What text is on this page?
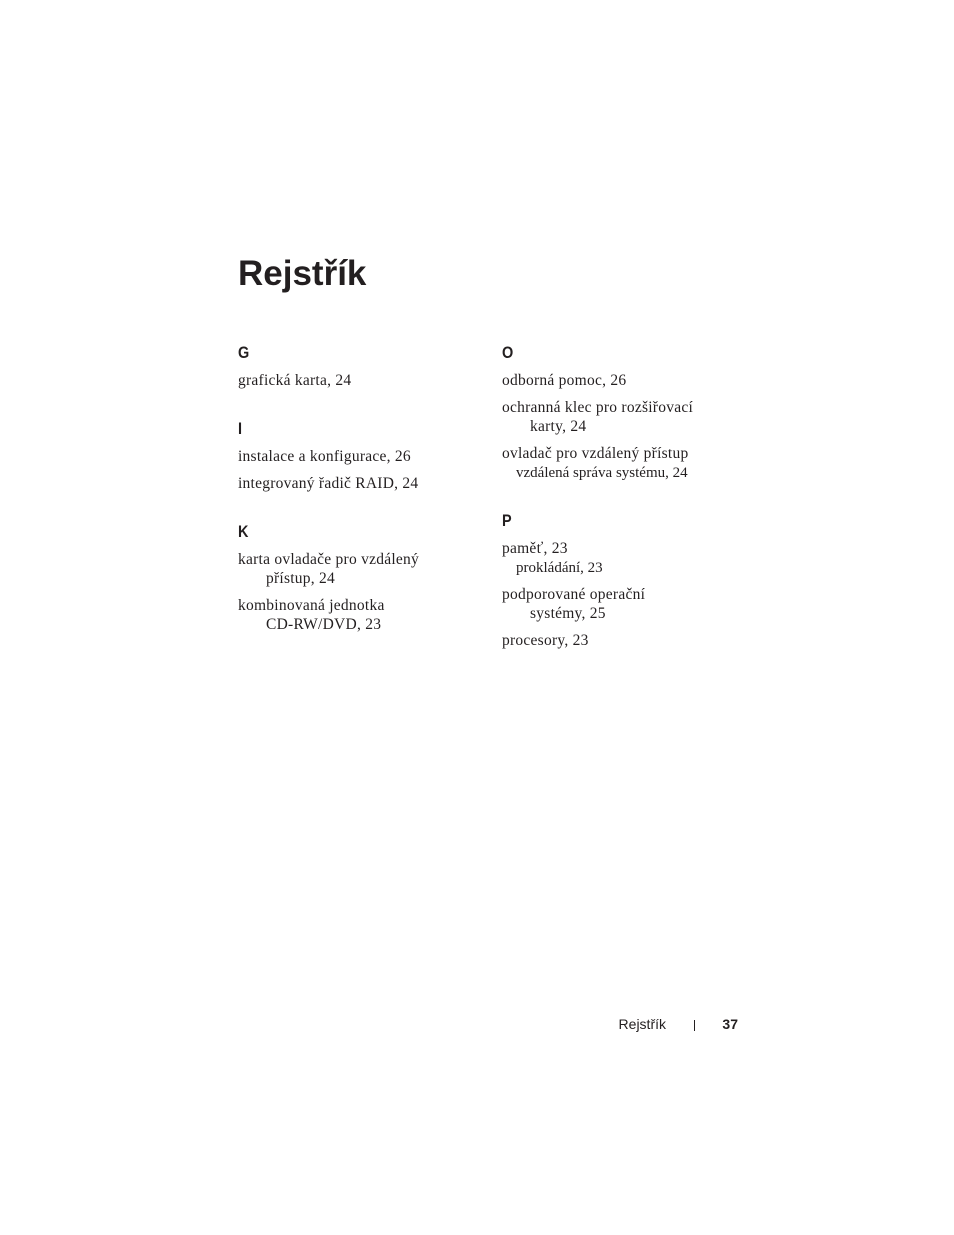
Rejstřík
G
grafická karta, 24
I
instalace a konfigurace, 26
integrovaný řadič RAID, 24
K
karta ovladače pro vzdálený
přístup, 24
kombinovaná jednotka
CD-RW/DVD, 23
O
odborná pomoc, 26
ochranná klec pro rozšiřovací
karty, 24
ovladač pro vzdálený přístup
vzdálená správa systému, 24
P
paměť, 23
prokládání, 23
podporované operační
systémy, 25
procesory, 23
Rejstřík	37
